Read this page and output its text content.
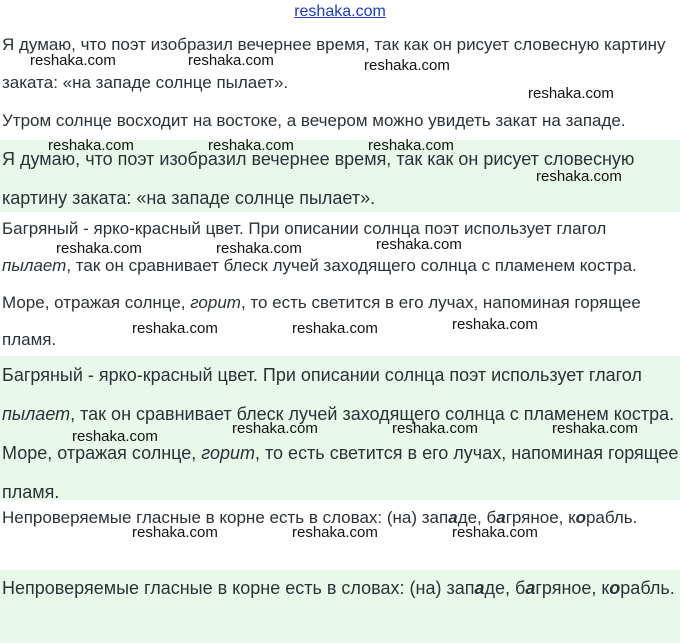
reshaka.com

Я думаю, что поэт изобразил вечернее время, так как он рисует словесную картину заката: «на западе солнце пылает».

Утром солнце восходит на востоке, а вечером можно увидеть закат на западе.

Я думаю, что поэт изобразил вечернее время, так как он рисует словесную картину заката: «на западе солнце пылает».

Багряный - ярко-красный цвет. При описании солнца поэт использует глагол пылает, так он сравнивает блеск лучей заходящего солнца с пламенем костра. Море, отражая солнце, горит, то есть светится в его лучах, напоминая горящее пламя.

Багряный - ярко-красный цвет. При описании солнца поэт использует глагол пылает, так он сравнивает блеск лучей заходящего солнца с пламенем костра. Море, отражая солнце, горит, то есть светится в его лучах, напоминая горящее пламя.

Непроверяемые гласные в корне есть в словах: (на) западе, багряное, корабль.

Непроверяемые гласные в корне есть в словах: (на) западе, багряное, корабль.

reshaka.com	reshaka.com	reshaka.com
reshaka.com
reshaka.com	reshaka.com	reshaka.com
reshaka.com
reshaka.com	reshaka.com	reshaka.com
reshaka.com	reshaka.com	reshaka.com
reshaka.com	reshaka.com	reshaka.com	reshaka.com
reshaka.com	reshaka.com	reshaka.com
